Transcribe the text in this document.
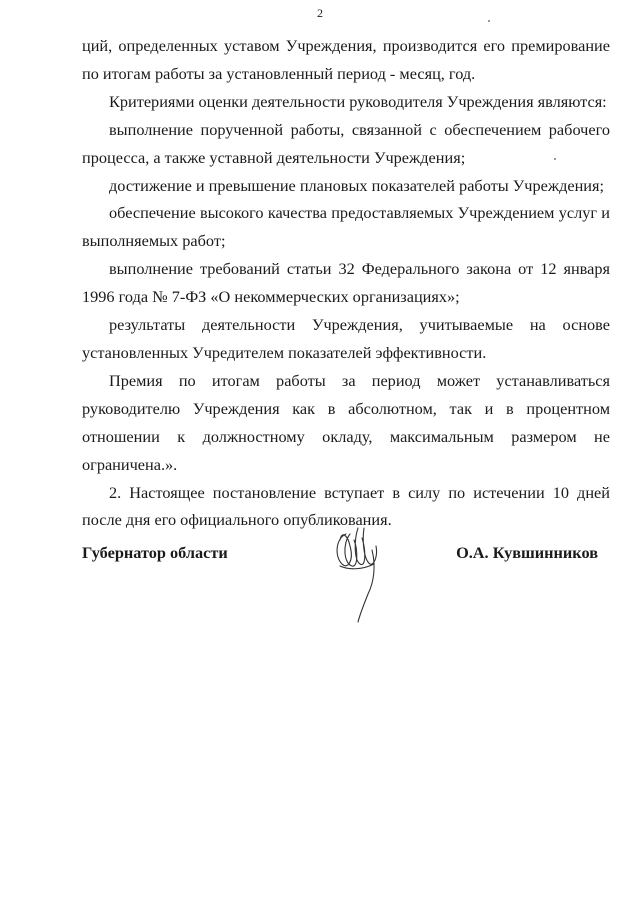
2

ций, определенных уставом Учреждения, производится его премирование по итогам работы за установленный период - месяц, год.

Критериями оценки деятельности руководителя Учреждения являются:

выполнение порученной работы, связанной с обеспечением рабочего процесса, а также уставной деятельности Учреждения;

достижение и превышение плановых показателей работы Учреждения;

обеспечение высокого качества предоставляемых Учреждением услуг и выполняемых работ;

выполнение требований статьи 32 Федерального закона от 12 января 1996 года № 7-ФЗ «О некоммерческих организациях»;

результаты деятельности Учреждения, учитываемые на основе установленных Учредителем показателей эффективности.

Премия по итогам работы за период может устанавливаться руководителю Учреждения как в абсолютном, так и в процентном отношении к должностному окладу, максимальным размером не ограничена.».

2. Настоящее постановление вступает в силу по истечении 10 дней после дня его официального опубликования.

Губернатор области	О.А. Кувшинников
